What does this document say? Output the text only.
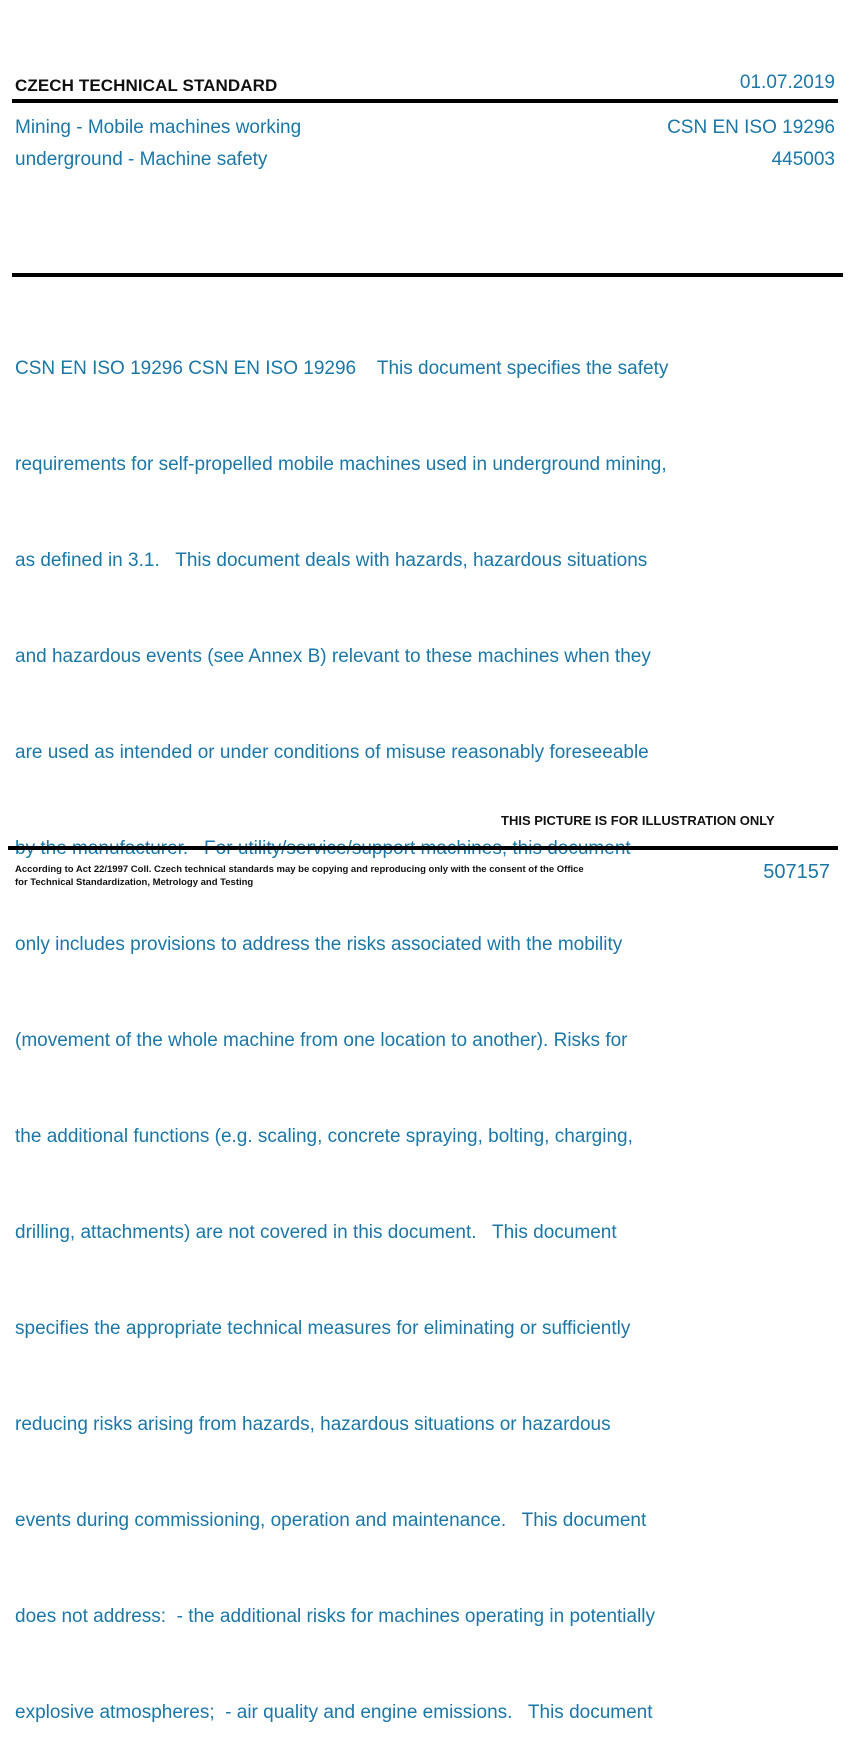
CZECH TECHNICAL STANDARD	01.07.2019
Mining - Mobile machines working
underground - Machine safety
CSN EN ISO 19296
445003

CSN EN ISO 19296 CSN EN ISO 19296    This document specifies the safety

requirements for self-propelled mobile machines used in underground mining,

as defined in 3.1.   This document deals with hazards, hazardous situations

and hazardous events (see Annex B) relevant to these machines when they

are used as intended or under conditions of misuse reasonably foreseeable

only includes provisions to address the risks associated with the mobility

(movement of the whole machine from one location to another). Risks for

the additional functions (e.g. scaling, concrete spraying, bolting, charging,

drilling, attachments) are not covered in this document.   This document

specifies the appropriate technical measures for eliminating or sufficiently

reducing risks arising from hazards, hazardous situations or hazardous

events during commissioning, operation and maintenance.   This document

does not address:  - the additional risks for machines operating in potentially

explosive atmospheres;  - air quality and engine emissions.   This document

THIS PICTURE IS FOR ILLUSTRATION ONLY
According to Act 22/1997 Coll. Czech technical standards may be copying and reproducing only with the consent of the Office
for Technical Standardization, Metrology and Testing	507157
